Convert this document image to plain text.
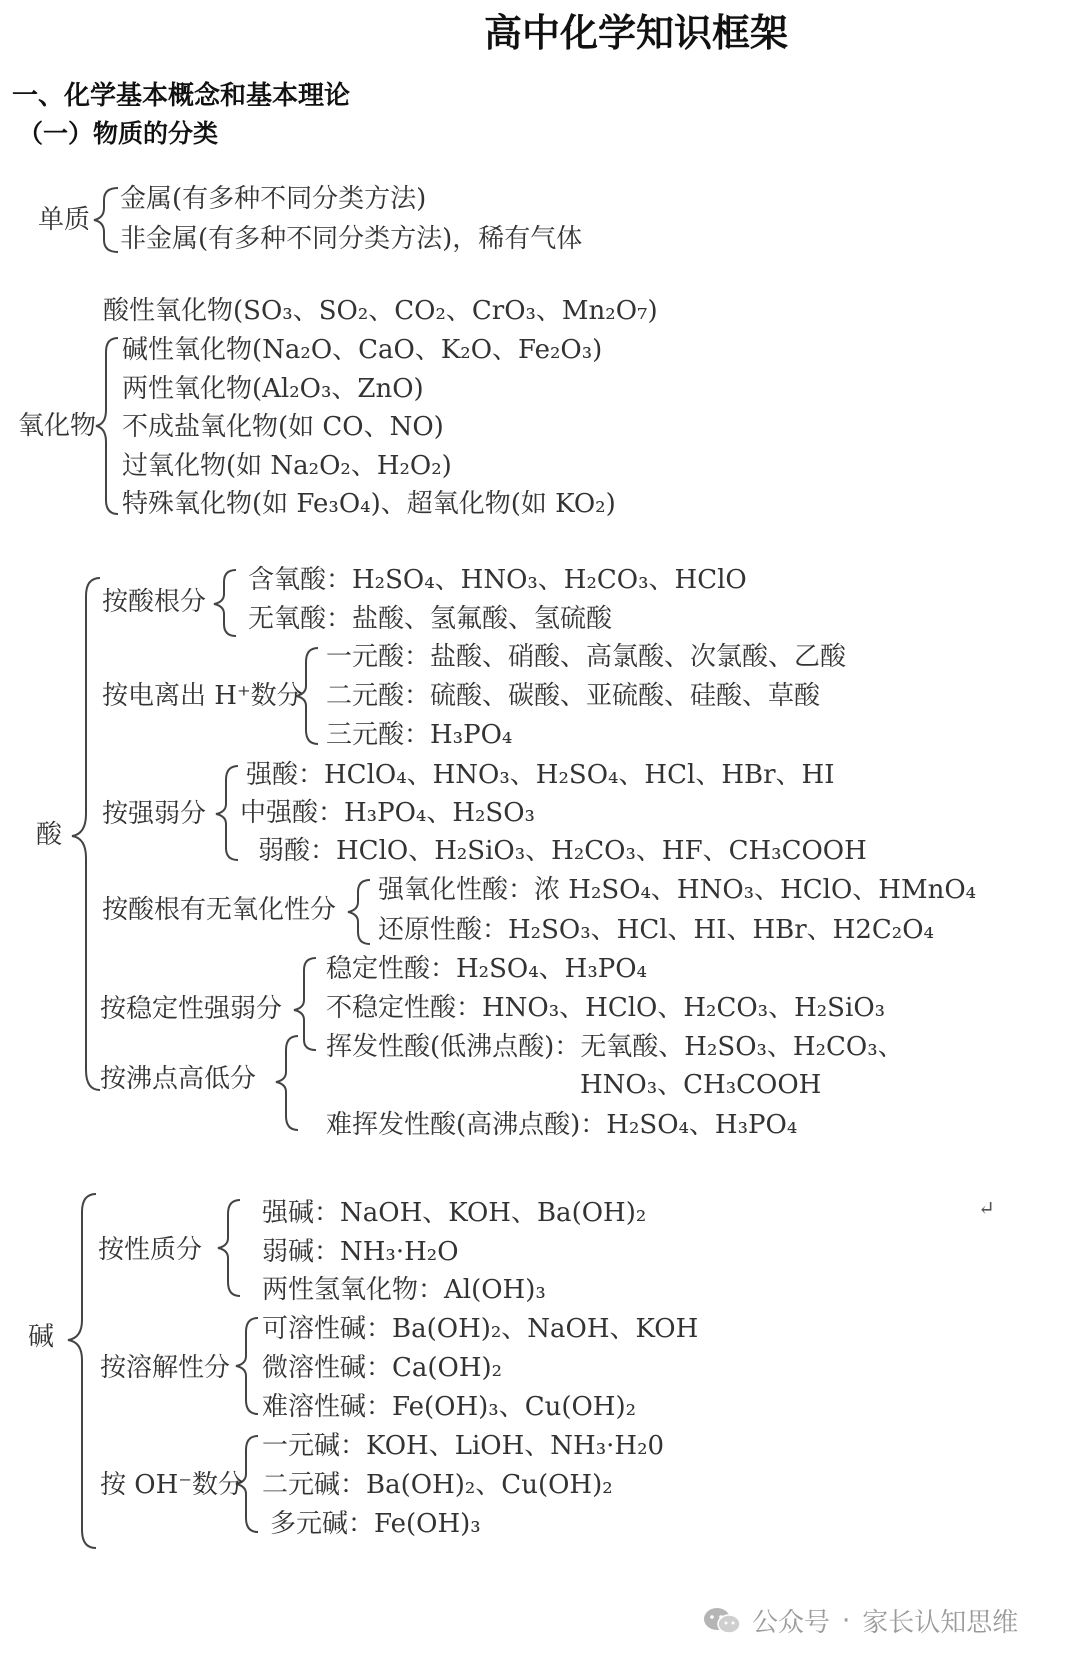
高中化学知识框架
一、化学基本概念和基本理论
（一）物质的分类
单质
金属(有多种不同分类方法)
非金属(有多种不同分类方法)，稀有气体
氧化物
酸性氧化物(SO₃、SO₂、CO₂、CrO₃、Mn₂O₇)
碱性氧化物(Na₂O、CaO、K₂O、Fe₂O₃)
两性氧化物(Al₂O₃、ZnO)
不成盐氧化物(如 CO、NO)
过氧化物(如 Na₂O₂、H₂O₂)
特殊氧化物(如 Fe₃O₄)、超氧化物(如 KO₂)
酸
按酸根分
含氧酸：H₂SO₄、HNO₃、H₂CO₃、HClO
无氧酸：盐酸、氢氟酸、氢硫酸
按电离出 H⁺数分
一元酸：盐酸、硝酸、高氯酸、次氯酸、乙酸
二元酸：硫酸、碳酸、亚硫酸、硅酸、草酸
三元酸：H₃PO₄
按强弱分
强酸：HClO₄、HNO₃、H₂SO₄、HCl、HBr、HI
中强酸：H₃PO₄、H₂SO₃
弱酸：HClO、H₂SiO₃、H₂CO₃、HF、CH₃COOH
按酸根有无氧化性分
强氧化性酸：浓 H₂SO₄、HNO₃、HClO、HMnO₄
还原性酸：H₂SO₃、HCl、HI、HBr、H2C₂O₄
按稳定性强弱分
稳定性酸：H₂SO₄、H₃PO₄
不稳定性酸：HNO₃、HClO、H₂CO₃、H₂SiO₃
按沸点高低分
挥发性酸(低沸点酸)：无氧酸、H₂SO₃、H₂CO₃、
HNO₃、CH₃COOH
难挥发性酸(高沸点酸)：H₂SO₄、H₃PO₄
↵
碱
按性质分
强碱：NaOH、KOH、Ba(OH)₂
弱碱：NH₃·H₂O
两性氢氧化物：Al(OH)₃
按溶解性分
可溶性碱：Ba(OH)₂、NaOH、KOH
微溶性碱：Ca(OH)₂
难溶性碱：Fe(OH)₃、Cu(OH)₂
按 OH⁻数分
一元碱：KOH、LiOH、NH₃·H₂0
二元碱：Ba(OH)₂、Cu(OH)₂
多元碱：Fe(OH)₃
公众号 · 家长认知思维
